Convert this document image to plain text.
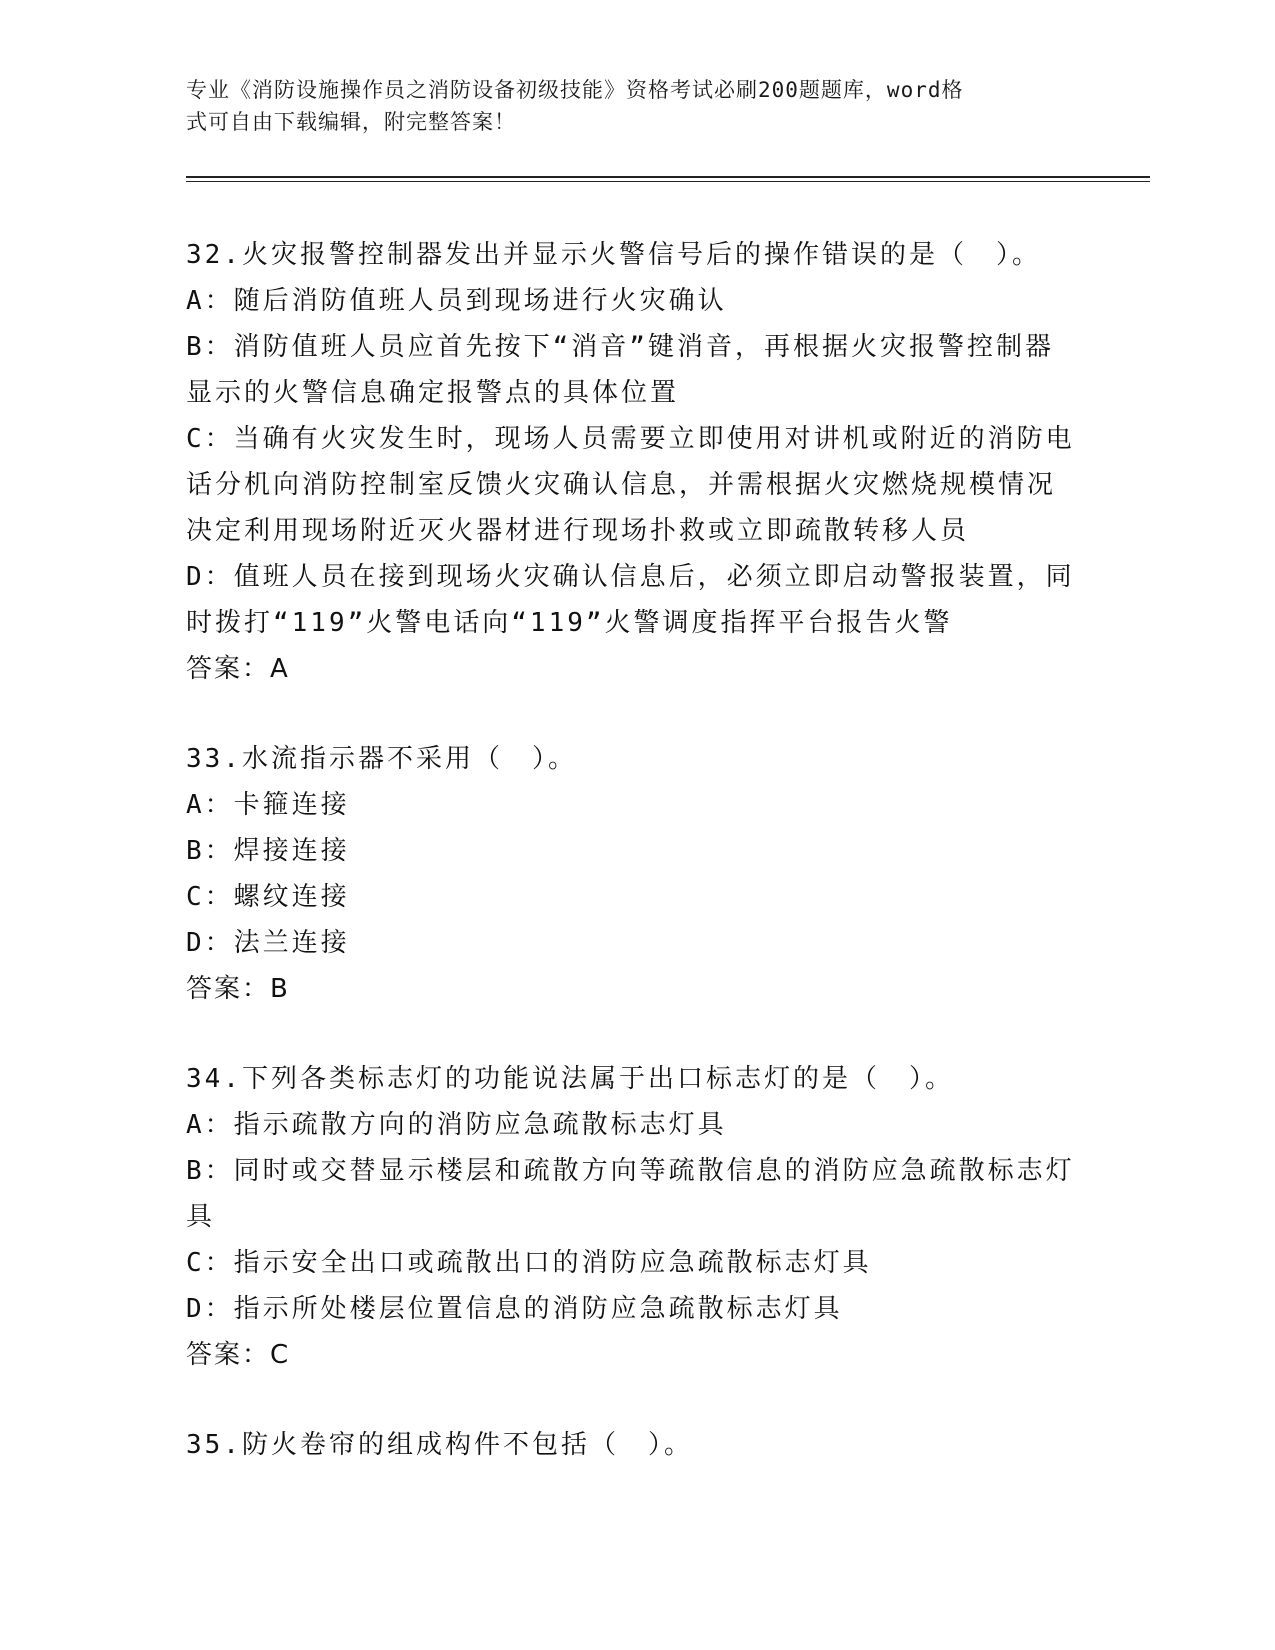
专业《消防设施操作员之消防设备初级技能》资格考试必刷200题题库，word格
式可自由下载编辑，附完整答案！
32.火灾报警控制器发出并显示火警信号后的操作错误的是（　）。
A：随后消防值班人员到现场进行火灾确认
B：消防值班人员应首先按下“消音”键消音，再根据火灾报警控制器
显示的火警信息确定报警点的具体位置
C：当确有火灾发生时，现场人员需要立即使用对讲机或附近的消防电
话分机向消防控制室反馈火灾确认信息，并需根据火灾燃烧规模情况
决定利用现场附近灭火器材进行现场扑救或立即疏散转移人员
D：值班人员在接到现场火灾确认信息后，必须立即启动警报装置，同
时拨打“119”火警电话向“119”火警调度指挥平台报告火警
答案：A
33.水流指示器不采用（　）。
A：卡箍连接
B：焊接连接
C：螺纹连接
D：法兰连接
答案：B
34.下列各类标志灯的功能说法属于出口标志灯的是（　）。
A：指示疏散方向的消防应急疏散标志灯具
B：同时或交替显示楼层和疏散方向等疏散信息的消防应急疏散标志灯
具
C：指示安全出口或疏散出口的消防应急疏散标志灯具
D：指示所处楼层位置信息的消防应急疏散标志灯具
答案：C
35.防火卷帘的组成构件不包括（　）。
